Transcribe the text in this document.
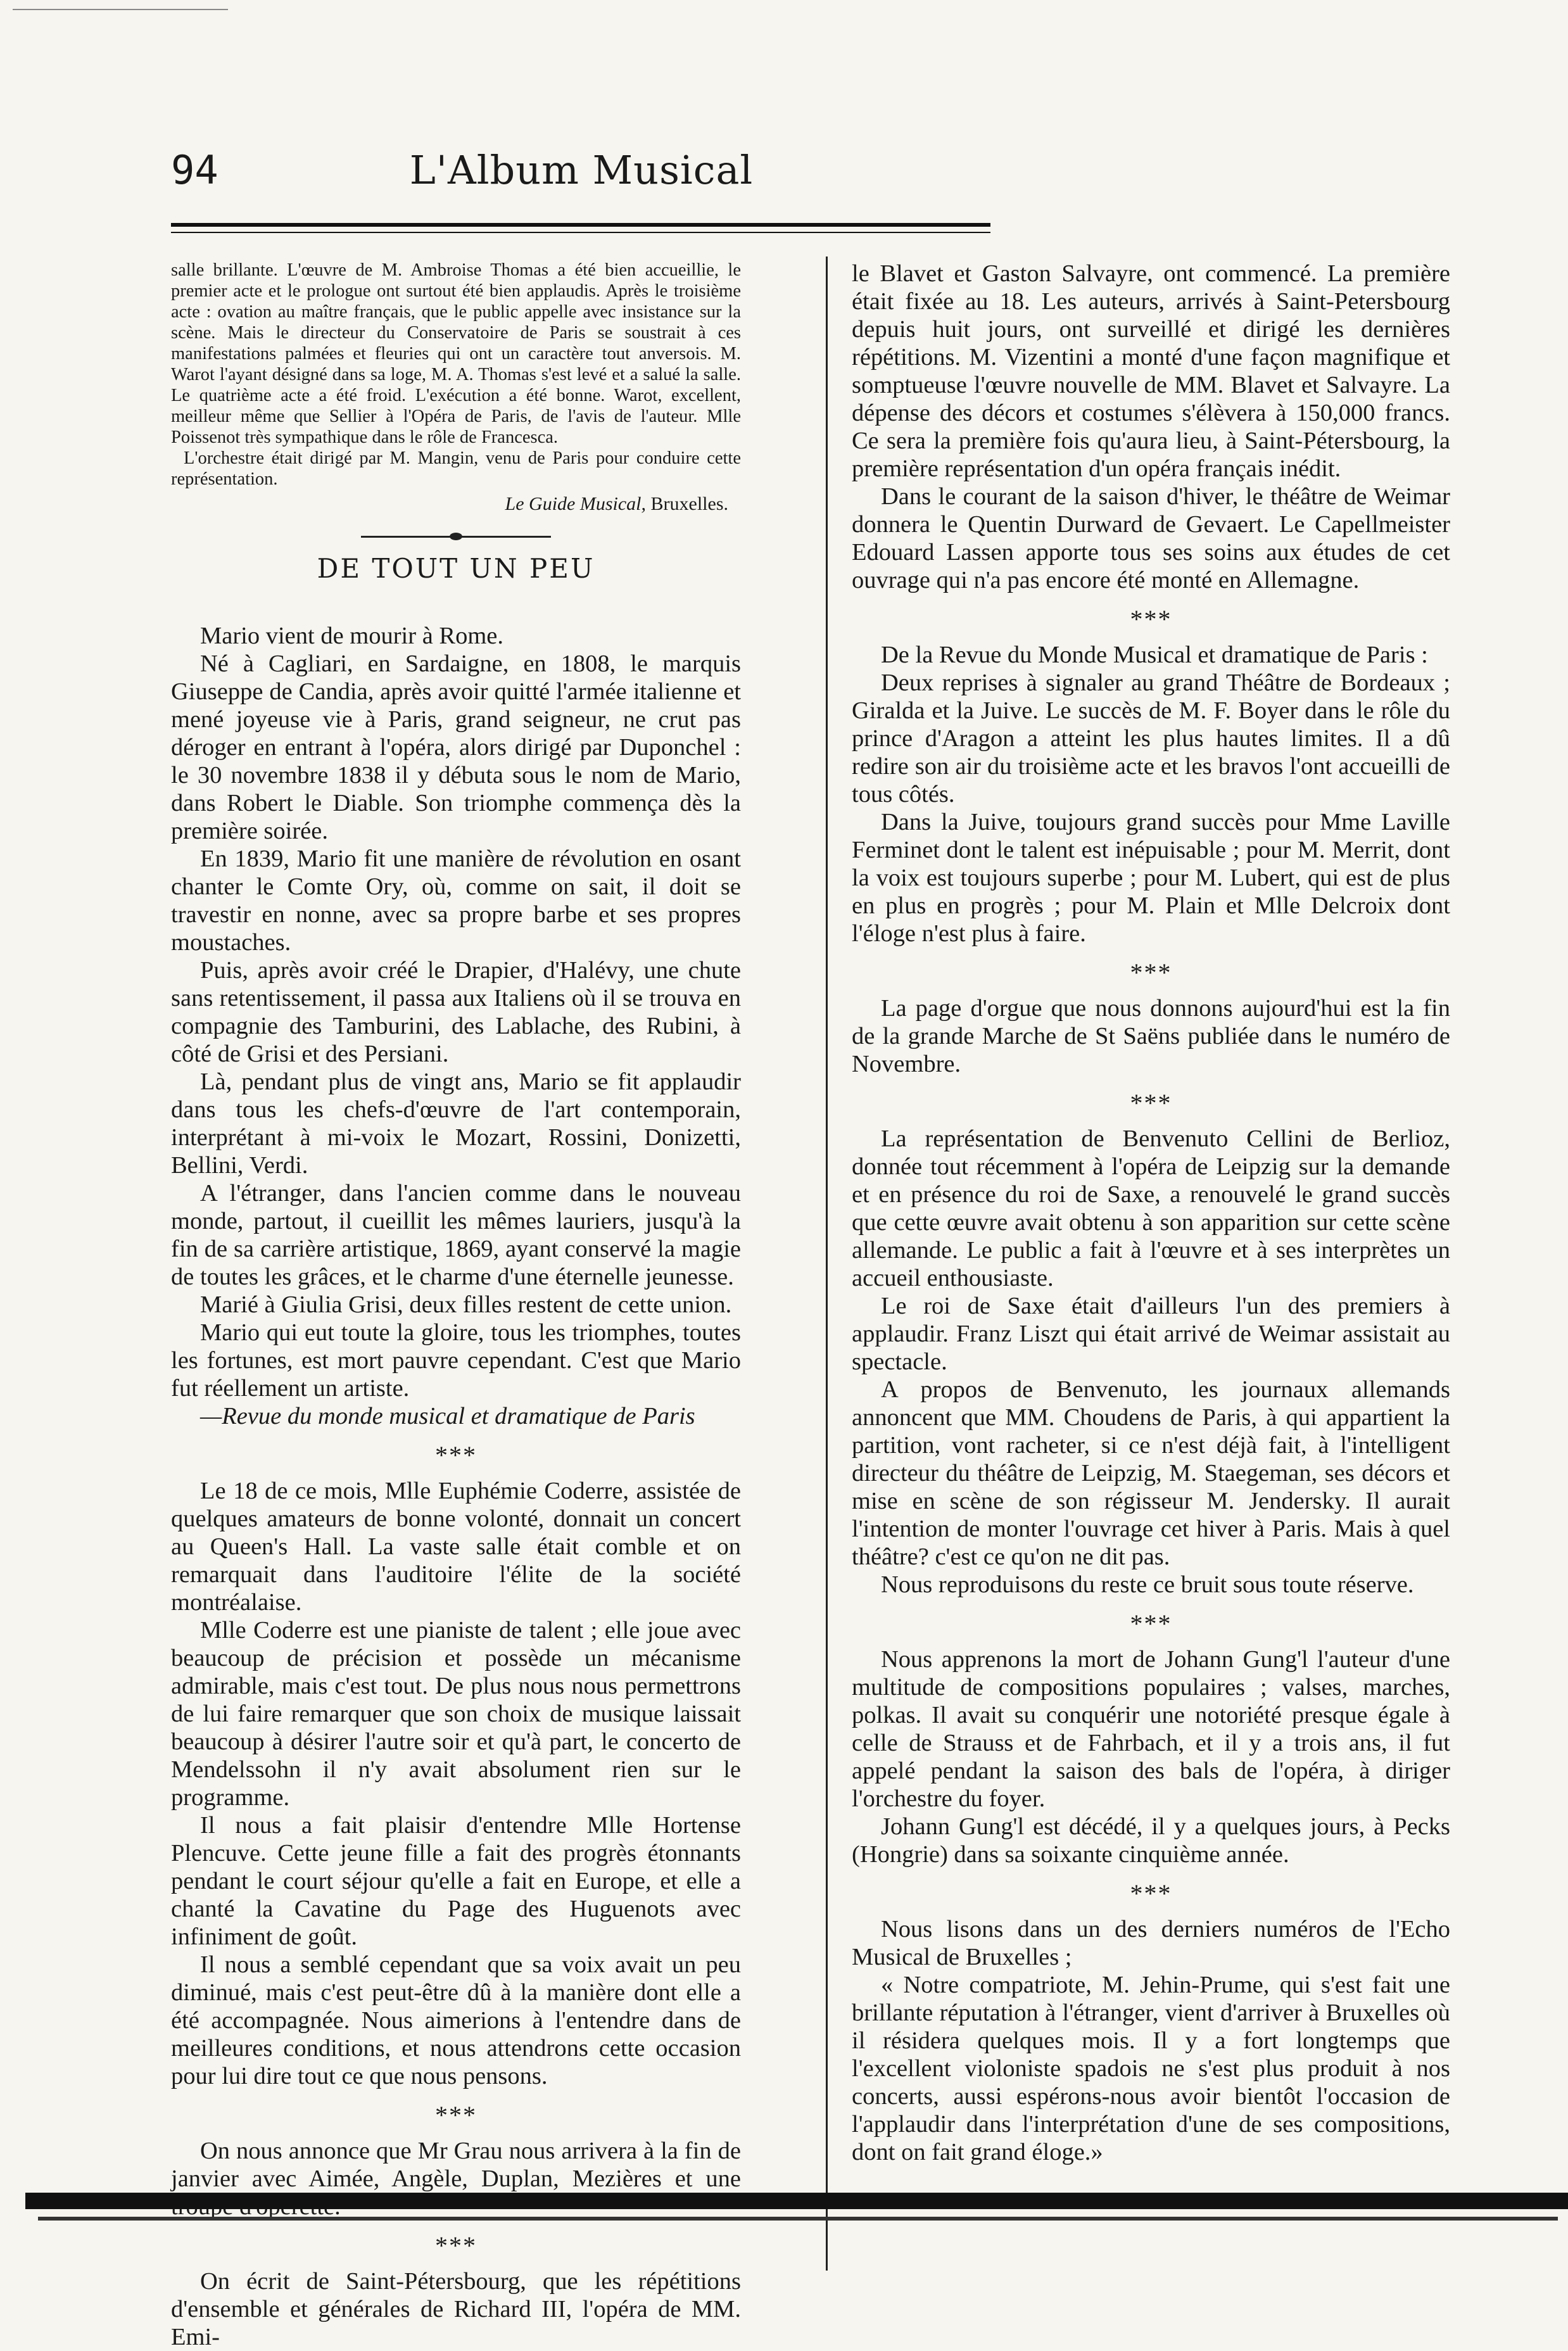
94	L'Album Musical

salle brillante. L'œuvre de M. Ambroise Thomas a été bien accueillie, le premier acte et le prologue ont surtout été bien applaudis. Après le troisième acte : ovation au maître français, que le public appelle avec insistance sur la scène. Mais le directeur du Conservatoire de Paris se soustrait à ces manifestations palmées et fleuries qui ont un caractère tout anversois. M. Warot l'ayant désigné dans sa loge, M. A. Thomas s'est levé et a salué la salle. Le quatrième acte a été froid. L'exécution a été bonne. Warot, excellent, meilleur même que Sellier à l'Opéra de Paris, de l'avis de l'auteur. Mlle Poissenot très sympathique dans le rôle de Francesca.

L'orchestre était dirigé par M. Mangin, venu de Paris pour conduire cette représentation.

Le Guide Musical, Bruxelles.
DE TOUT UN PEU

Mario vient de mourir à Rome.

Né à Cagliari, en Sardaigne, en 1808, le marquis Giuseppe de Candia, après avoir quitté l'armée italienne et mené joyeuse vie à Paris, grand seigneur, ne crut pas déroger en entrant à l'opéra, alors dirigé par Duponchel : le 30 novembre 1838 il y débuta sous le nom de Mario, dans Robert le Diable. Son triomphe commença dès la première soirée.

En 1839, Mario fit une manière de révolution en osant chanter le Comte Ory, où, comme on sait, il doit se travestir en nonne, avec sa propre barbe et ses propres moustaches.

Puis, après avoir créé le Drapier, d'Halévy, une chute sans retentissement, il passa aux Italiens où il se trouva en compagnie des Tamburini, des Lablache, des Rubini, à côté de Grisi et des Persiani.

Là, pendant plus de vingt ans, Mario se fit applaudir dans tous les chefs-d'œuvre de l'art contemporain, interprétant à mi-voix le Mozart, Rossini, Donizetti, Bellini, Verdi.

A l'étranger, dans l'ancien comme dans le nouveau monde, partout, il cueillit les mêmes lauriers, jusqu'à la fin de sa carrière artistique, 1869, ayant conservé la magie de toutes les grâces, et le charme d'une éternelle jeunesse.

Marié à Giulia Grisi, deux filles restent de cette union.

Mario qui eut toute la gloire, tous les triomphes, toutes les fortunes, est mort pauvre cependant. C'est que Mario fut réellement un artiste.

—Revue du monde musical et dramatique de Paris

***

Le 18 de ce mois, Mlle Euphémie Coderre, assistée de quelques amateurs de bonne volonté, donnait un concert au Queen's Hall. La vaste salle était comble et on remarquait dans l'auditoire l'élite de la société montréalaise.

Mlle Coderre est une pianiste de talent ; elle joue avec beaucoup de précision et possède un mécanisme admirable, mais c'est tout. De plus nous nous permettrons de lui faire remarquer que son choix de musique laissait beaucoup à désirer l'autre soir et qu'à part, le concerto de Mendelssohn il n'y avait absolument rien sur le programme.

Il nous a fait plaisir d'entendre Mlle Hortense Plencuve. Cette jeune fille a fait des progrès étonnants pendant le court séjour qu'elle a fait en Europe, et elle a chanté la Cavatine du Page des Huguenots avec infiniment de goût.

Il nous a semblé cependant que sa voix avait un peu diminué, mais c'est peut-être dû à la manière dont elle a été accompagnée. Nous aimerions à l'entendre dans de meilleures conditions, et nous attendrons cette occasion pour lui dire tout ce que nous pensons.

***

On nous annonce que Mr Grau nous arrivera à la fin de janvier avec Aimée, Angèle, Duplan, Mezières et une

***

On écrit de Saint-Pétersbourg, que les répétitions d'ensemble et générales de Richard III, l'opéra de MM. Emi-

le Blavet et Gaston Salvayre, ont commencé. La première était fixée au 18. Les auteurs, arrivés à Saint-Petersbourg depuis huit jours, ont surveillé et dirigé les dernières répétitions. M. Vizentini a monté d'une façon magnifique et somptueuse l'œuvre nouvelle de MM. Blavet et Salvayre. La dépense des décors et costumes s'élèvera à 150,000 francs. Ce sera la première fois qu'aura lieu, à Saint-Pétersbourg, la première représentation d'un opéra français inédit.

Dans le courant de la saison d'hiver, le théâtre de Weimar donnera le Quentin Durward de Gevaert. Le Capellmeister Edouard Lassen apporte tous ses soins aux études de cet ouvrage qui n'a pas encore été monté en Allemagne.

***

De la Revue du Monde Musical et dramatique de Paris :

Deux reprises à signaler au grand Théâtre de Bordeaux ; Giralda et la Juive. Le succès de M. F. Boyer dans le rôle du prince d'Aragon a atteint les plus hautes limites. Il a dû redire son air du troisième acte et les bravos l'ont accueilli de tous côtés.

Dans la Juive, toujours grand succès pour Mme Laville Ferminet dont le talent est inépuisable ; pour M. Merrit, dont la voix est toujours superbe ; pour M. Lubert, qui est de plus en plus en progrès ; pour M. Plain et Mlle Delcroix dont l'éloge n'est plus à faire.

***

La page d'orgue que nous donnons aujourd'hui est la fin de la grande Marche de St Saëns publiée dans le numéro de Novembre.

***

La représentation de Benvenuto Cellini de Berlioz, donnée tout récemment à l'opéra de Leipzig sur la demande et en présence du roi de Saxe, a renouvelé le grand succès que cette œuvre avait obtenu à son apparition sur cette scène allemande. Le public a fait à l'œuvre et à ses interprètes un accueil enthousiaste.

Le roi de Saxe était d'ailleurs l'un des premiers à applaudir. Franz Liszt qui était arrivé de Weimar assistait au spectacle.

A propos de Benvenuto, les journaux allemands annoncent que MM. Choudens de Paris, à qui appartient la partition, vont racheter, si ce n'est déjà fait, à l'intelligent directeur du théâtre de Leipzig, M. Staegeman, ses décors et mise en scène de son régisseur M. Jendersky. Il aurait l'intention de monter l'ouvrage cet hiver à Paris. Mais à quel théâtre? c'est ce qu'on ne dit pas.

Nous reproduisons du reste ce bruit sous toute réserve.

***

Nous apprenons la mort de Johann Gung'l l'auteur d'une multitude de compositions populaires ; valses, marches, polkas. Il avait su conquérir une notoriété presque égale à celle de Strauss et de Fahrbach, et il y a trois ans, il fut appelé pendant la saison des bals de l'opéra, à diriger l'orchestre du foyer.

Johann Gung'l est décédé, il y a quelques jours, à Pecks (Hongrie) dans sa soixante cinquième année.

***

Nous lisons dans un des derniers numéros de l'Echo Musical de Bruxelles ;

« Notre compatriote, M. Jehin-Prume, qui s'est fait une brillante réputation à l'étranger, vient d'arriver à Bruxelles où il résidera quelques mois. Il y a fort longtemps que l'excellent violoniste spadois ne s'est plus produit à nos concerts, aussi espérons-nous avoir bientôt l'occasion de l'applaudir dans l'interprétation d'une de ses compositions, dont on fait grand éloge.»
